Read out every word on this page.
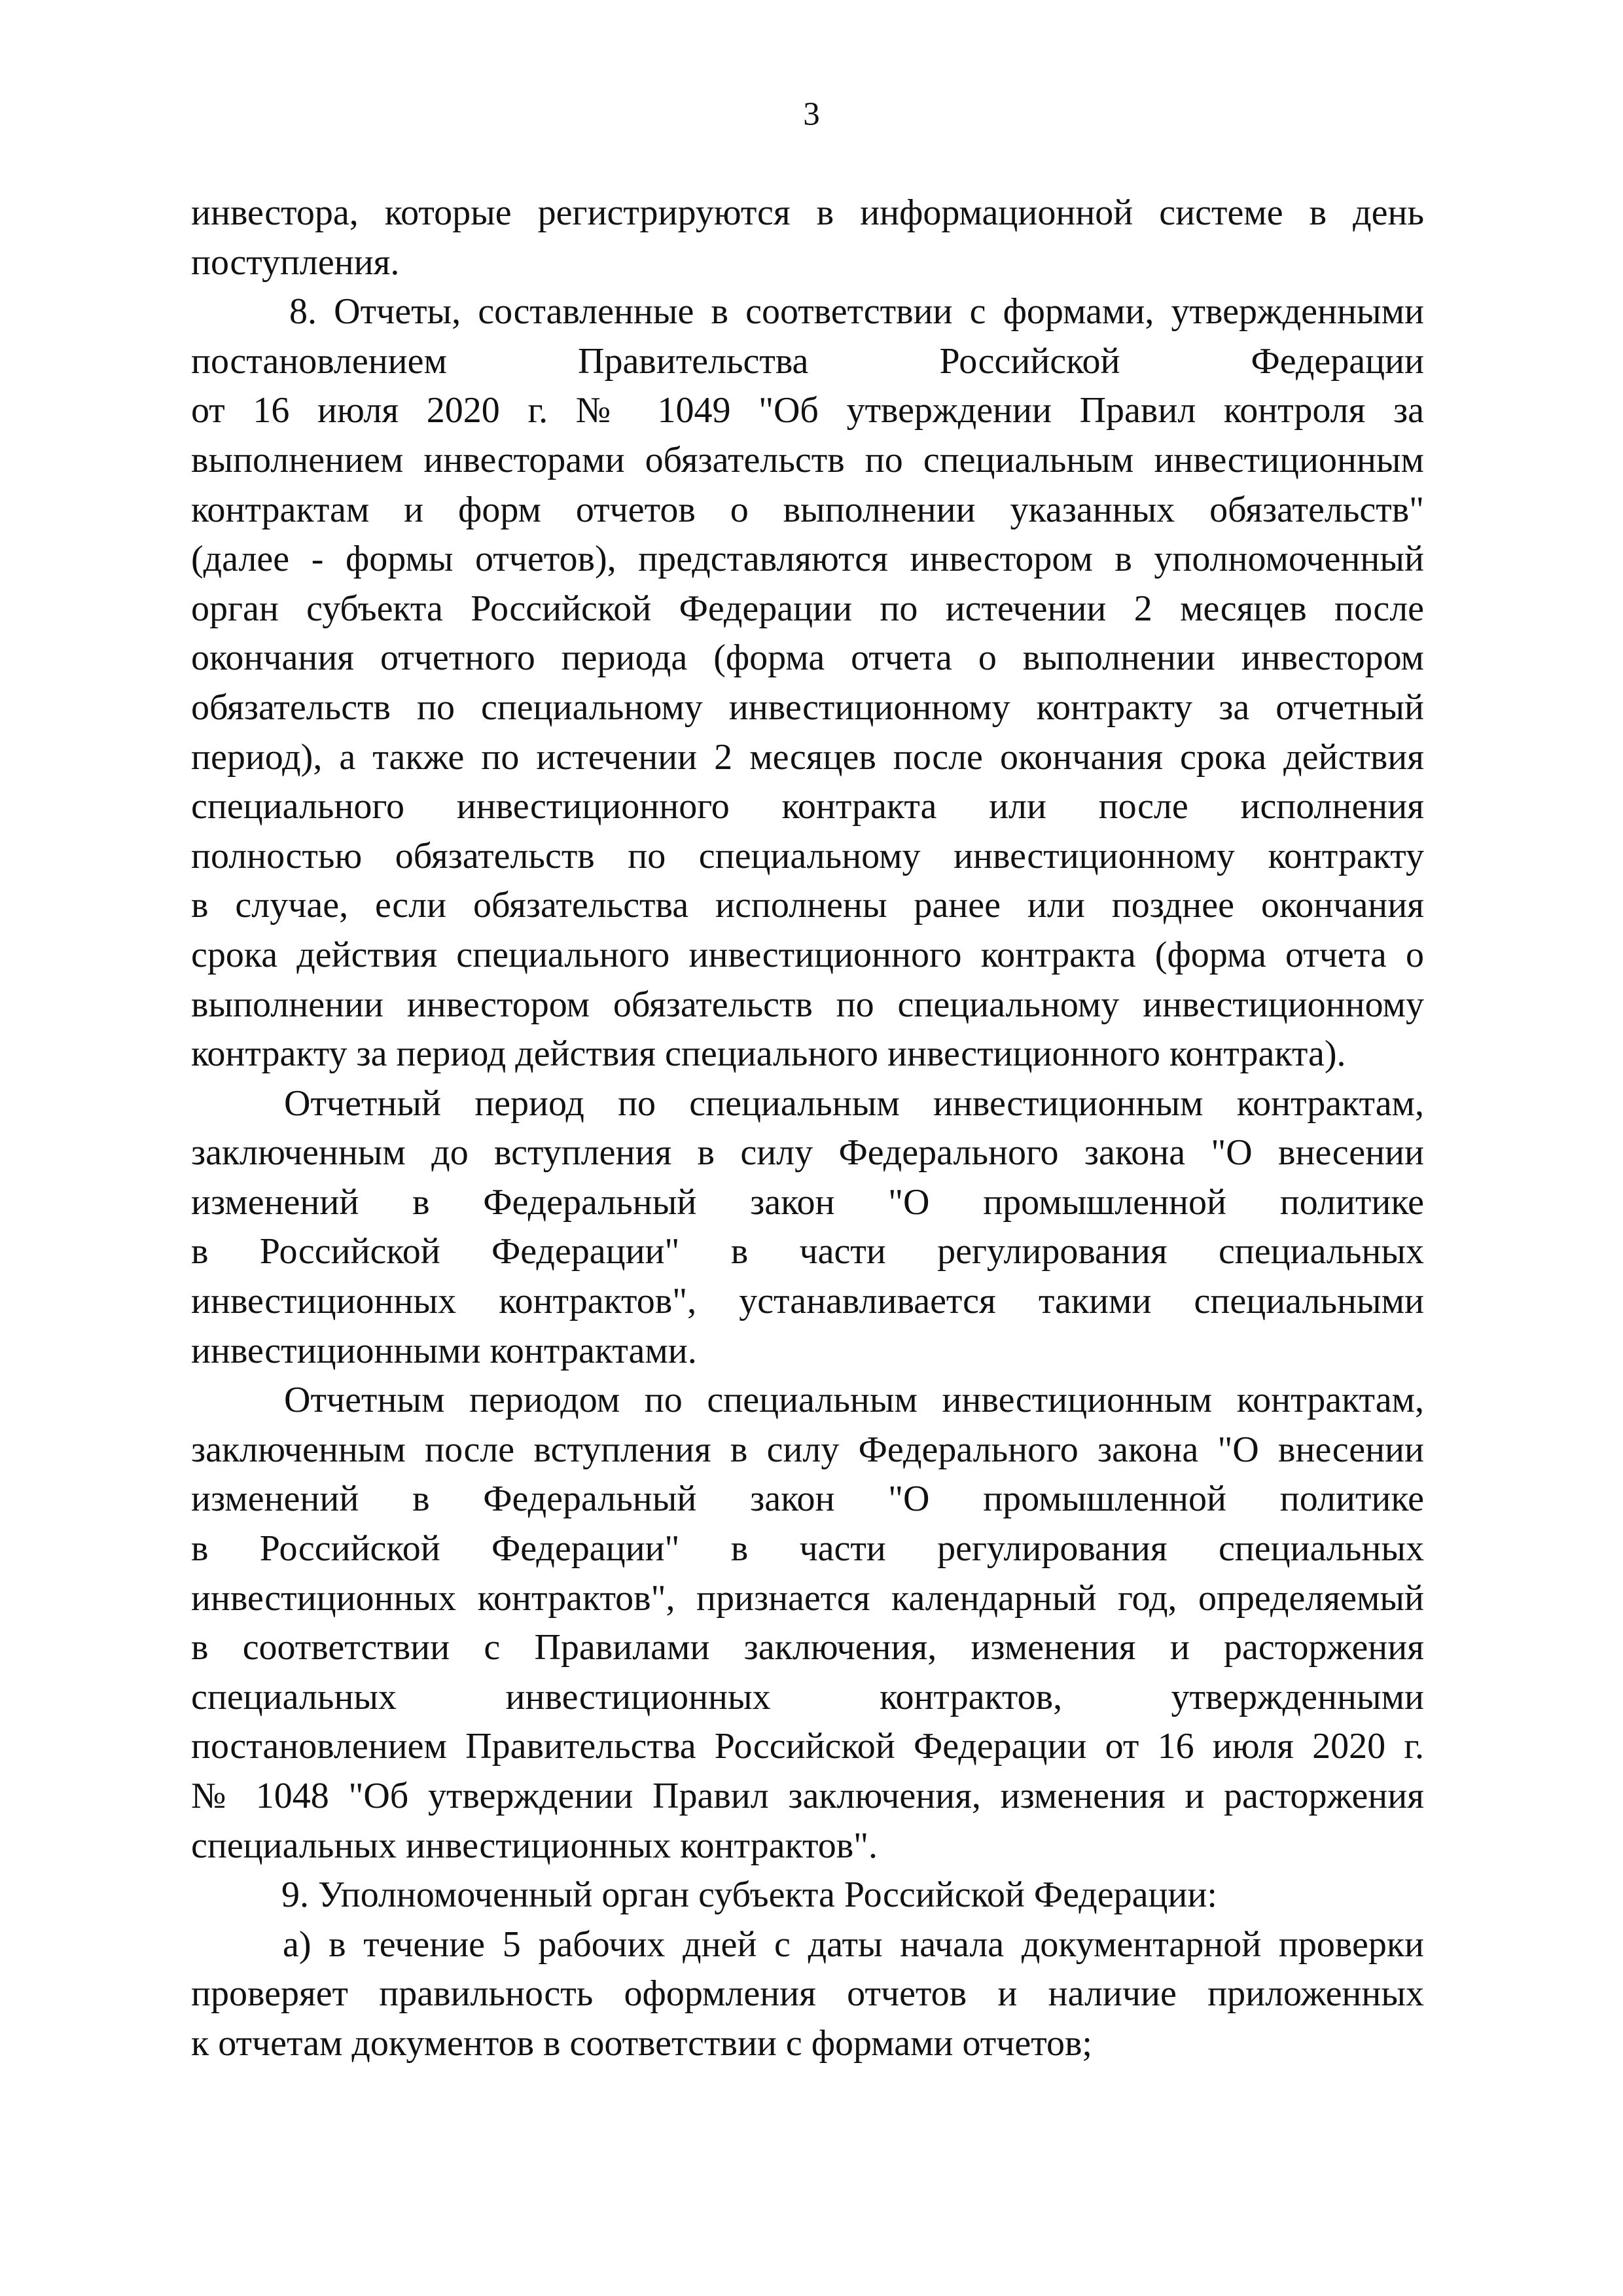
3
инвестора, которые регистрируются в информационной системе в день
поступления.
8. Отчеты, составленные в соответствии с формами, утвержденными
постановлением Правительства Российской Федерации
от 16 июля 2020 г. № 1049 "Об утверждении Правил контроля за
выполнением инвесторами обязательств по специальным инвестиционным
контрактам и форм отчетов о выполнении указанных обязательств"
(далее - формы отчетов), представляются инвестором в уполномоченный
орган субъекта Российской Федерации по истечении 2 месяцев после
окончания отчетного периода (форма отчета о выполнении инвестором
обязательств по специальному инвестиционному контракту за отчетный
период), а также по истечении 2 месяцев после окончания срока действия
специального инвестиционного контракта или после исполнения
полностью обязательств по специальному инвестиционному контракту
в случае, если обязательства исполнены ранее или позднее окончания
срока действия специального инвестиционного контракта (форма отчета о
выполнении инвестором обязательств по специальному инвестиционному
контракту за период действия специального инвестиционного контракта).
Отчетный период по специальным инвестиционным контрактам,
заключенным до вступления в силу Федерального закона "О внесении
изменений в Федеральный закон "О промышленной политике
в Российской Федерации" в части регулирования специальных
инвестиционных контрактов", устанавливается такими специальными
инвестиционными контрактами.
Отчетным периодом по специальным инвестиционным контрактам,
заключенным после вступления в силу Федерального закона "О внесении
изменений в Федеральный закон "О промышленной политике
в Российской Федерации" в части регулирования специальных
инвестиционных контрактов", признается календарный год, определяемый
в соответствии с Правилами заключения, изменения и расторжения
специальных инвестиционных контрактов, утвержденными
постановлением Правительства Российской Федерации от 16 июля 2020 г.
№ 1048 "Об утверждении Правил заключения, изменения и расторжения
специальных инвестиционных контрактов".
9. Уполномоченный орган субъекта Российской Федерации:
а) в течение 5 рабочих дней с даты начала документарной проверки
проверяет правильность оформления отчетов и наличие приложенных
к отчетам документов в соответствии с формами отчетов;
